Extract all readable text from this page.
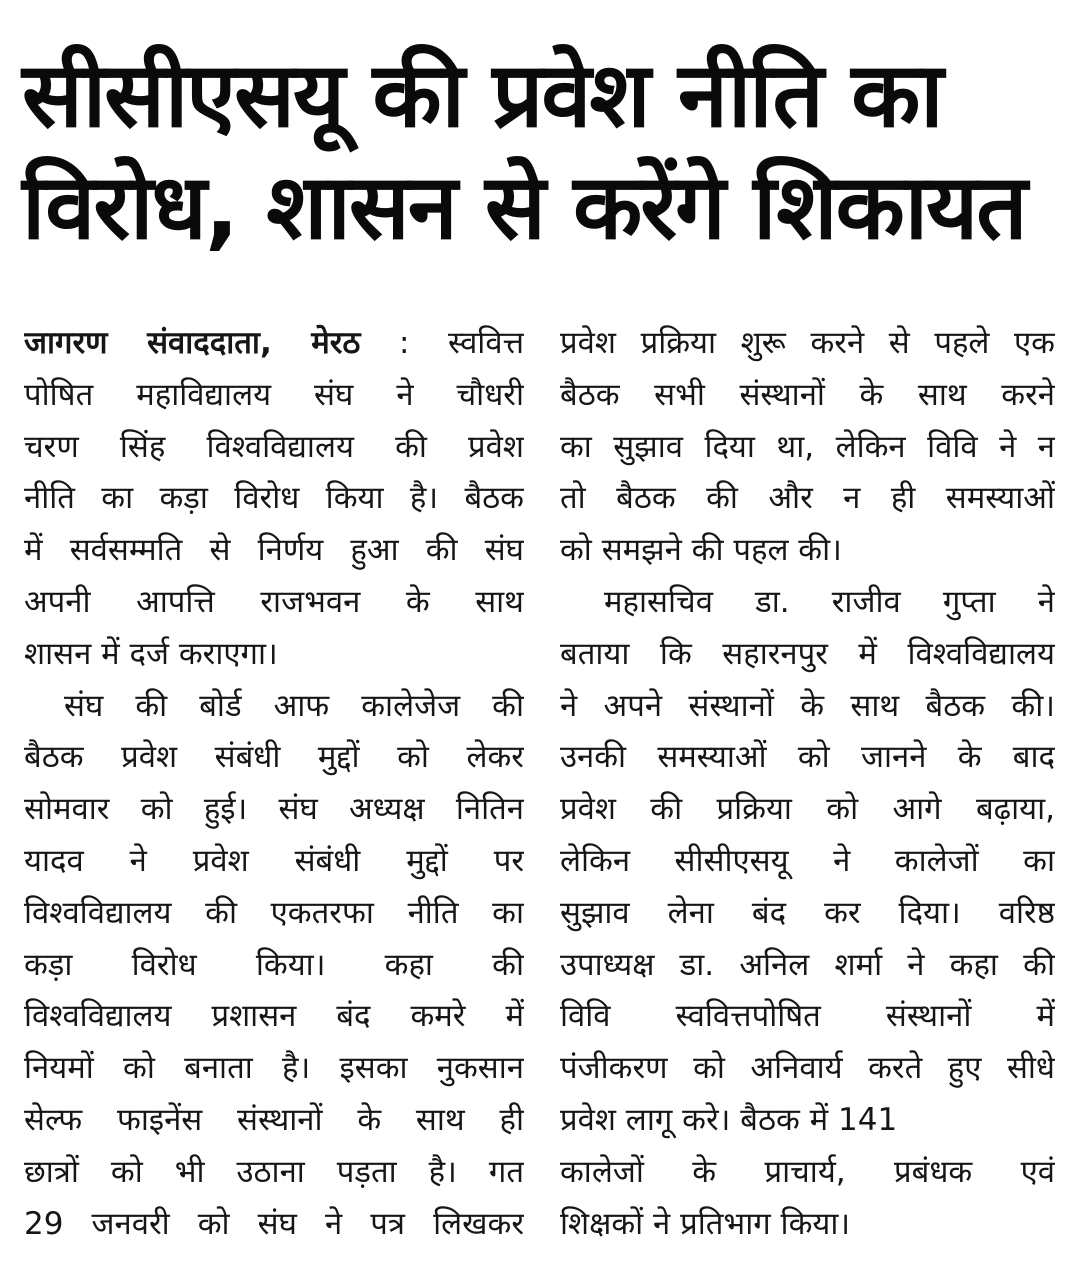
सीसीएसयू की प्रवेश नीति का
विरोध, शासन से करेंगे शिकायत
जागरण संवाददाता, मेरठ : स्ववित्त
पोषित महाविद्यालय संघ ने चौधरी
चरण सिंह विश्वविद्यालय की प्रवेश
नीति का कड़ा विरोध किया है। बैठक
में सर्वसम्मति से निर्णय हुआ की संघ
अपनी आपत्ति राजभवन के साथ
शासन में दर्ज कराएगा।
संघ की बोर्ड आफ कालेजेज की
बैठक प्रवेश संबंधी मुद्दों को लेकर
सोमवार को हुई। संघ अध्यक्ष नितिन
यादव ने प्रवेश संबंधी मुद्दों पर
विश्वविद्यालय की एकतरफा नीति का
कड़ा विरोध किया। कहा की
विश्वविद्यालय प्रशासन बंद कमरे में
नियमों को बनाता है। इसका नुकसान
सेल्फ फाइनेंस संस्थानों के साथ ही
छात्रों को भी उठाना पड़ता है। गत
29 जनवरी को संघ ने पत्र लिखकर
प्रवेश प्रक्रिया शुरू करने से पहले एक
बैठक सभी संस्थानों के साथ करने
का सुझाव दिया था, लेकिन विवि ने न
तो बैठक की और न ही समस्याओं
को समझने की पहल की।
महासचिव डा. राजीव गुप्ता ने
बताया कि सहारनपुर में विश्वविद्यालय
ने अपने संस्थानों के साथ बैठक की।
उनकी समस्याओं को जानने के बाद
प्रवेश की प्रक्रिया को आगे बढ़ाया,
लेकिन सीसीएसयू ने कालेजों का
सुझाव लेना बंद कर दिया। वरिष्ठ
उपाध्यक्ष डा. अनिल शर्मा ने कहा की
विवि स्ववित्तपोषित संस्थानों में
पंजीकरण को अनिवार्य करते हुए सीधे
प्रवेश लागू करे। बैठक में 141
कालेजों के प्राचार्य, प्रबंधक एवं
शिक्षकों ने प्रतिभाग किया।
